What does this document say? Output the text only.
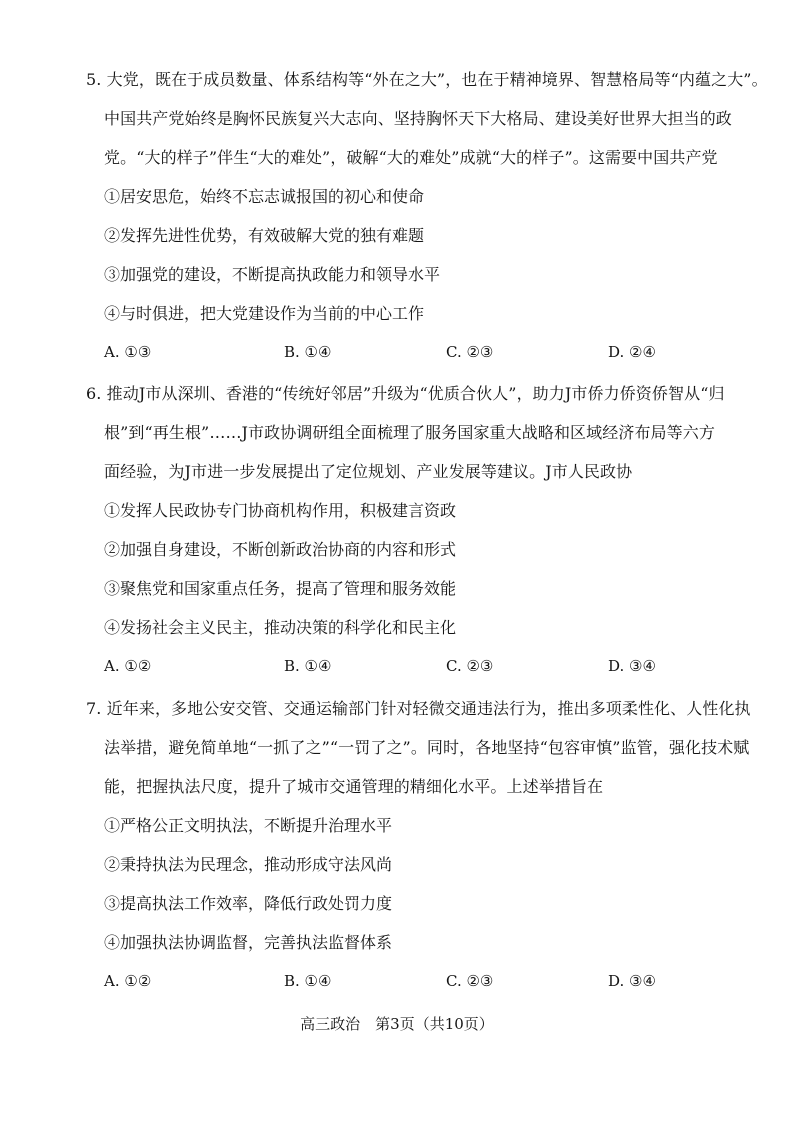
5. 大党，既在于成员数量、体系结构等“外在之大”，也在于精神境界、智慧格局等“内蕴之大”。
中国共产党始终是胸怀民族复兴大志向、坚持胸怀天下大格局、建设美好世界大担当的政
党。“大的样子”伴生“大的难处”，破解“大的难处”成就“大的样子”。这需要中国共产党
①居安思危，始终不忘志诚报国的初心和使命
②发挥先进性优势，有效破解大党的独有难题
③加强党的建设，不断提高执政能力和领导水平
④与时俱进，把大党建设作为当前的中心工作
A. ①③	B. ①④	C. ②③	D. ②④
6. 推动J市从深圳、香港的“传统好邻居”升级为“优质合伙人”，助力J市侨力侨资侨智从“归
根”到“再生根”……J市政协调研组全面梳理了服务国家重大战略和区域经济布局等六方
面经验，为J市进一步发展提出了定位规划、产业发展等建议。J市人民政协
①发挥人民政协专门协商机构作用，积极建言资政
②加强自身建设，不断创新政治协商的内容和形式
③聚焦党和国家重点任务，提高了管理和服务效能
④发扬社会主义民主，推动决策的科学化和民主化
A. ①②	B. ①④	C. ②③	D. ③④
7. 近年来，多地公安交管、交通运输部门针对轻微交通违法行为，推出多项柔性化、人性化执
法举措，避免简单地“一抓了之”“一罚了之”。同时，各地坚持“包容审慎”监管，强化技术赋
能，把握执法尺度，提升了城市交通管理的精细化水平。上述举措旨在
①严格公正文明执法，不断提升治理水平
②秉持执法为民理念，推动形成守法风尚
③提高执法工作效率，降低行政处罚力度
④加强执法协调监督，完善执法监督体系
A. ①②	B. ①④	C. ②③	D. ③④
高三政治　第3页（共10页）
